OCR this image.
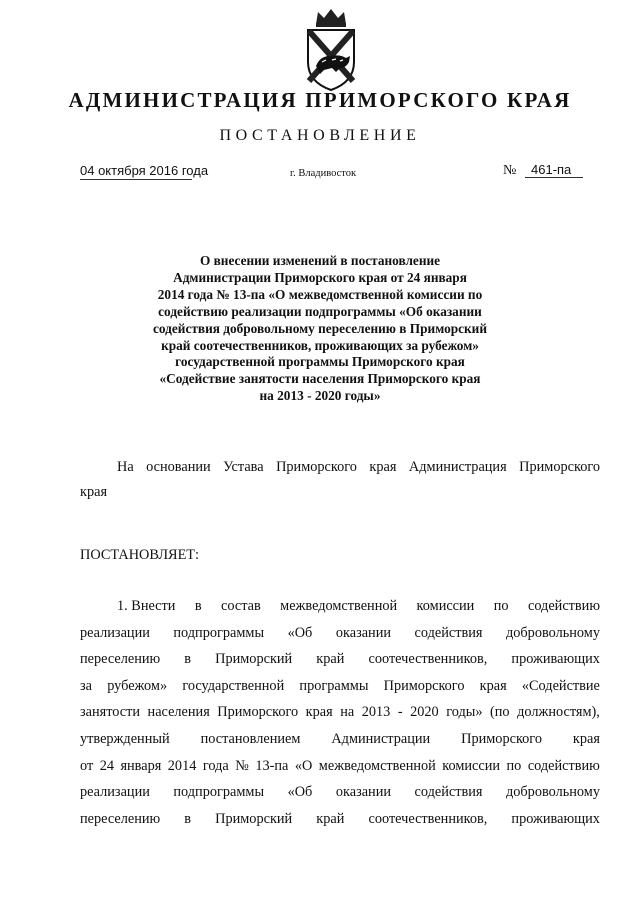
АДМИНИСТРАЦИЯ ПРИМОРСКОГО КРАЯ
ПОСТАНОВЛЕНИЕ
04 октября 2016 года	г. Владивосток	№ 461-па
О внесении изменений в постановление
Администрации Приморского края от 24 января
2014 года № 13-па «О межведомственной комиссии по
содействию реализации подпрограммы «Об оказании
содействия добровольному переселению в Приморский
край соотечественников, проживающих за рубежом»
государственной программы Приморского края
«Содействие занятости населения Приморского края
на 2013 - 2020 годы»
На основании Устава Приморского края Администрация Приморского
края
ПОСТАНОВЛЯЕТ:
1. Внести в состав межведомственной комиссии по содействию
реализации подпрограммы «Об оказании содействия добровольному
переселению в Приморский край соотечественников, проживающих
за рубежом» государственной программы Приморского края «Содействие
занятости населения Приморского края на 2013 - 2020 годы» (по должностям),
утвержденный постановлением Администрации Приморского края
от 24 января 2014 года № 13-па «О межведомственной комиссии по содействию
реализации подпрограммы «Об оказании содействия добровольному
переселению в Приморский край соотечественников, проживающих
